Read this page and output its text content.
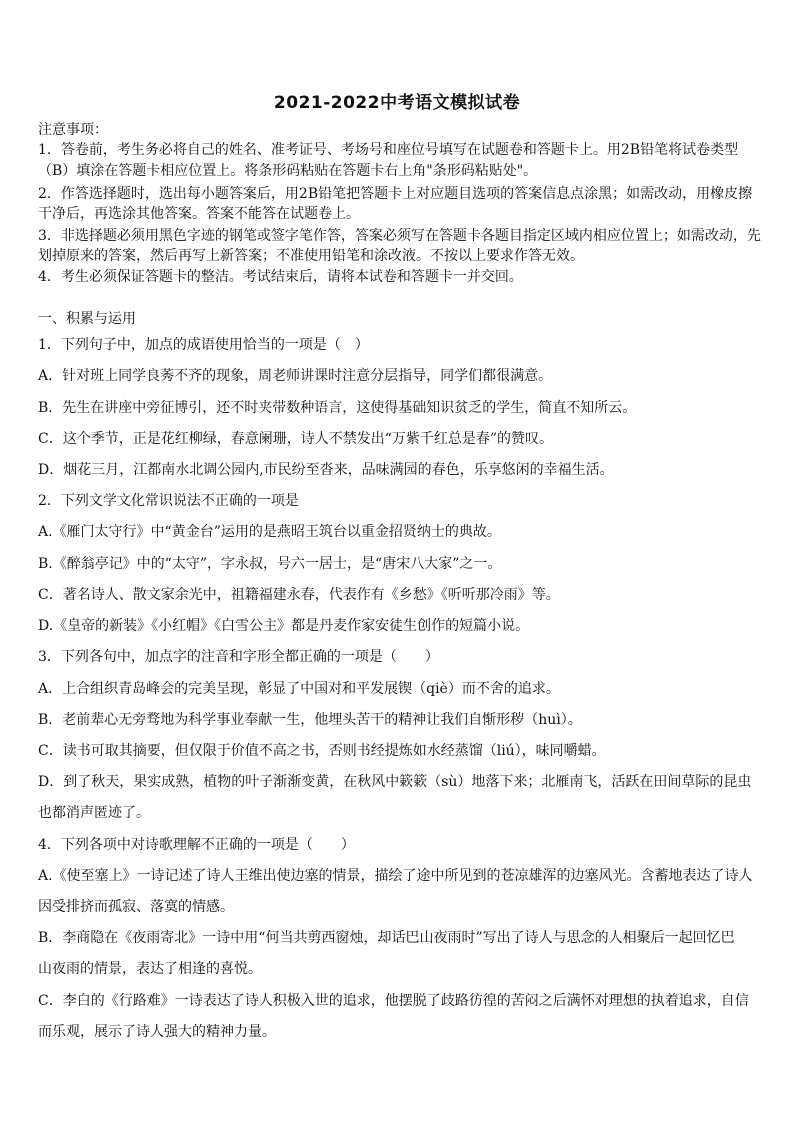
2021-2022中考语文模拟试卷
注意事项：
1．答卷前，考生务必将自己的姓名、准考证号、考场号和座位号填写在试题卷和答题卡上。用2B铅笔将试卷类型
（B）填涂在答题卡相应位置上。将条形码粘贴在答题卡右上角"条形码粘贴处"。
2．作答选择题时，选出每小题答案后，用2B铅笔把答题卡上对应题目选项的答案信息点涂黑；如需改动，用橡皮擦
干净后，再选涂其他答案。答案不能答在试题卷上。
3．非选择题必须用黑色字迹的钢笔或签字笔作答，答案必须写在答题卡各题目指定区域内相应位置上；如需改动，先
划掉原来的答案，然后再写上新答案；不准使用铅笔和涂改液。不按以上要求作答无效。
4．考生必须保证答题卡的整洁。考试结束后，请将本试卷和答题卡一并交回。
一、积累与运用
1．下列句子中，加点的成语使用恰当的一项是（　）
A．针对班上同学良莠不齐的现象，周老师讲课时注意分层指导，同学们都很满意。
B．先生在讲座中旁征博引，还不时夹带数种语言，这使得基础知识贫乏的学生，简直不知所云。
C．这个季节，正是花红柳绿，春意阑珊，诗人不禁发出“万紫千红总是春”的赞叹。
D．烟花三月，江都南水北调公园内,市民纷至沓来，品味满园的春色，乐享悠闲的幸福生活。
2．下列文学文化常识说法不正确的一项是
A.《雁门太守行》中“黄金台”运用的是燕昭王筑台以重金招贤纳士的典故。
B.《醉翁亭记》中的“太守”，字永叔，号六一居士，是“唐宋八大家”之一。
C．著名诗人、散文家余光中，祖籍福建永春，代表作有《乡愁》《听听那冷雨》等。
D.《皇帝的新装》《小红帽》《白雪公主》都是丹麦作家安徒生创作的短篇小说。
3．下列各句中，加点字的注音和字形全都正确的一项是（　　）
A．上合组织青岛峰会的完美呈现，彰显了中国对和平发展锲（qiè）而不舍的追求。
B．老前辈心无旁骛地为科学事业奉献一生，他埋头苦干的精神让我们自惭形秽（huì）。
C．读书可取其摘要，但仅限于价值不高之书，否则书经提炼如水经蒸馏（liú），味同嚼蜡。
D．到了秋天，果实成熟，植物的叶子渐渐变黄，在秋风中簌簌（sù）地落下来；北雁南飞，活跃在田间草际的昆虫
也都消声匿迹了。
4．下列各项中对诗歌理解不正确的一项是（　　）
A.《使至塞上》一诗记述了诗人王维出使边塞的情景，描绘了途中所见到的苍凉雄浑的边塞风光。含蓄地表达了诗人
因受排挤而孤寂、落寞的情感。
B．李商隐在《夜雨寄北》一诗中用“何当共剪西窗烛，却话巴山夜雨时”写出了诗人与思念的人相聚后一起回忆巴
山夜雨的情景，表达了相逢的喜悦。
C．李白的《行路难》一诗表达了诗人积极入世的追求，他摆脱了歧路彷徨的苦闷之后满怀对理想的执着追求，自信
而乐观，展示了诗人强大的精神力量。
